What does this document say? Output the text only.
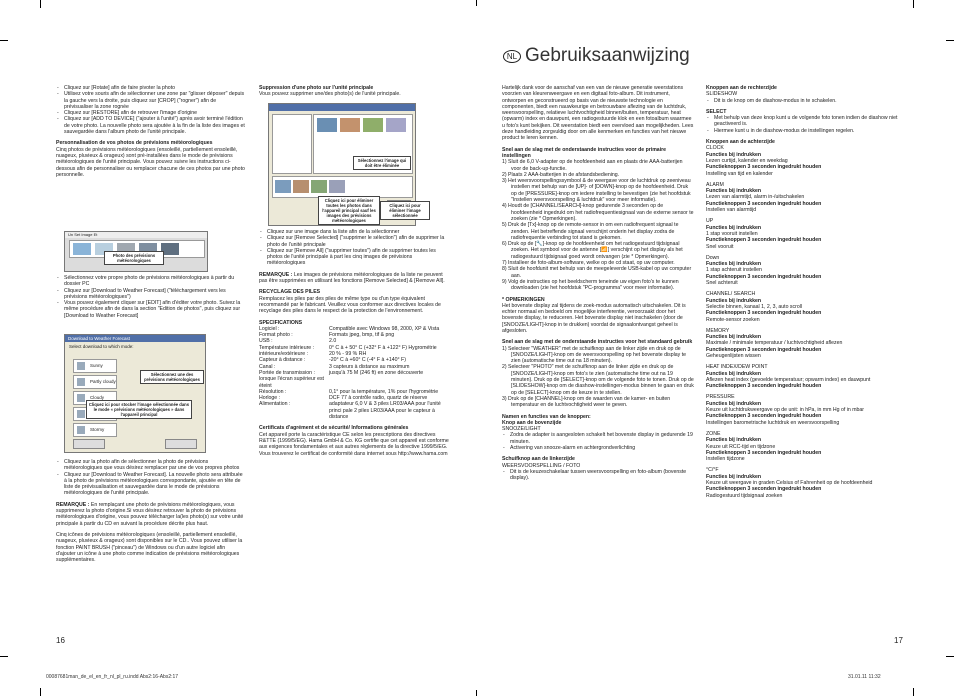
NL Gebruiksaanwijzing
- Cliquez sur [Rotate] afin de faire pivoter la photo
- Utilisez votre souris afin de sélectionner une zone par "glisser déposer" depuis la gauche vers la droite, puis cliquez sur [CROP] ("rogner") afin de prévisualiser la zone rognée
- Cliquez sur [RESTORE] afin de retrouver l'image d'origine
- Cliquez sur [ADD TO DEVICE] ("ajouter à l'unité") après avoir terminé l'édition de votre photo. La nouvelle photo sera ajoutée à la fin de la liste des images et sauvegardée dans l'album photo de l'unité principale.
Personnalisation de vos photos de prévisions météorologiques

Cinq photos de prévisions météorologiques (ensoleillé, partiellement ensoleillé, nuageux, pluvieux & orageux) sont pré-installées dans le mode de prévisions météorologiques de l'unité principale. Vous pouvez suivre les instructions ci-dessous afin de personnaliser ou remplacer chacune de ces photos par une photo personnelle.

Un Set Image Et
Photo des prévisions météorologiques
- Sélectionnez votre propre photo de prévisions météorologiques à partir du dossier PC
- Cliquez sur [Download to Weather Forecast] ("téléchargement vers les prévisions météorologiques")
- Vous pouvez également cliquer sur [EDIT] afin d'éditer votre photo. Suivez la même procédure afin de dans la section "Edition de photos", puis cliquez sur [Download to Weather Forecast]
Download to Weather Forecast
Select download to which mode:
Sunny
Partly cloudy
Cloudy
Stormy
Sélectionnez une des prévisions météorologiques
Cliquez ici pour stocker l'image sélectionnée dans le mode « prévisions météorologiques » dans l'appareil principal
- Cliquez sur la photo afin de sélectionner la photo de prévisions météorologiques que vous désirez remplacer par une de vos propres photos
- Cliquez sur [Download to Weather Forecast]. La nouvelle photo sera attribuée à la photo de prévisions météorologiques correspondante, ajoutée en tête de liste de prévisualisation et sauvegardée dans le mode de prévisions météorologiques de l'unité principale.

REMARQUE : En remplaçant une photo de prévisions météorologiques, vous supprimerez la photo d'origine.Si vous désirez retrouver la photo de prévisions météorologiques d'origine, vous pouvez télécharger la(les photo(s) sur votre unité principale à partir du CD en suivant la procédure décrite plus haut.

Cinq icônes de prévisions météorologiques (ensoleillé, partiellement ensoleillé, nuageux, pluvieux & orageux) sont disponibles sur le CD.. Vous pouvez utiliser la fonction PAINT BRUSH ("pinceau") de Windows ou d'un autre logiciel afin d'ajouter un icône à une photo comme indication de prévisions météorologiques supplémentaires.

Suppression d'une photo sur l'unité principale

Vous pouvez supprimer une/des photo(s) de l'unité principale.

Sélectionnez l'image qui doit être éliminée
Cliquez ici pour éliminer toutes les photos dans l'appareil principal sauf les images des prévisions météorologiques
Cliquez ici pour éliminer l'image sélectionnée
- Cliquez sur une image dans la liste afin de la sélectionner
- Cliquez sur [Remove Selected] ("supprimer le sélection") afin de supprimer la photo de l'unité principale
- Cliquez sur [Remove All] ("supprimer toutes") afin de supprimer toutes les photos de l'unité principale à part les cinq images de prévisions météorologiques

REMARQUE : Les images de prévisions météorologiques de la liste ne peuvent pas être supprimées en utilisant les fonctions [Remove Selected] & [Remove All].

RECYCLAGE DES PILES

Remplacez les piles par des piles de même type ou d'un type équivalent recommandé par le fabricant. Veuillez vous conformer aux directives locales de recyclage des piles dans le respect de la protection de l'environnement.

SPECIFICATIONS
Logiciel :	Compatible avec Windows 98, 2000, XP & Vista
Format photo :	Formats jpeg, bmp, tif & png
USB :	2.0
Température intérieure :	0° C à + 50° C (+32° F à +122° F) Hygrométrie
intérieure/extérieure :	20 % - 99 % RH
Capteur à distance :	-20° C à +60° C (-4° F à +140° F)
Canal :	3 capteurs à distance au maximum
Portée de transmission :	jusqu'à 75 M (246 ft) en zone découverte
lorsque l'écran supérieur est éteint	
Résolution :	0,1° pour la température, 1% pour l'hygrométrie
Horloge :	DCF 77 à contrôle radio, quartz de réserve
Alimentation :	adaptateur 6,0 V & 3 piles LR03/AAA pour l'unité princi pale 2 piles LR03/AAA pour le capteur à distance
Certificats d'agrément et de sécurité/ Informations générales

Cet appareil porte la caractéristique CE selon les prescriptions des directives R&TTE (1999/5/EG). Hama GmbH & Co. KG certifie que cet appareil est conforme aux exigences fondamentales et aux autres règlements de la directive 1999/5/EG. Vous trouverez le certificat de conformité dans internet sous http://www.hama.com

Hartelijk dank voor de aanschaf van een van de nieuwe generatie weerstations voorzien van kleurenweergave en een digitaal foto-album. Dit instrument, ontworpen en geconstrueerd op basis van de nieuwste technologie en componenten, biedt een nauwkeurige en betrouwbare aflezing van de luchtdruk, weersvoorspelling, relatieve luchtvochtigheid binnen/buiten, temperatuur, heat (opwarm) index en dauwpunt, een radiogestuurde klok en een fotoalbum waarmee u foto's kunt bekijken. Dit weerstation biedt een overvloed aan mogelijkheden. Lees deze handleiding zorgvuldig door om alle kenmerken en functies van het nieuwe product te leren kennen.

Snel aan de slag met de onderstaande instructies voor de primaire instellingen
1) Sluit de 6,0 V-adapter op de hoofdeenheid aan en plaats drie AAA-batterijen voor de back-up-functie.
2) Plaats 2 AAA-batterijen in de afstandsbediening.
3) Het weersvoorspellingssymbool & de weergave voor de luchtdruk op zeeniveau instellen met behulp van de [UP]- of [DOWN]-knop op de hoofdeenheid. Druk op de [PRESSURE]-knop om iedere instelling te bevestigen (zie het hoofdstuk "Instellen weersvoorspelling & luchtdruk" voor meer informatie).
4) Houdt de [CHANNEL/SEARCH]-knop gedurende 3 seconden op de hoofdeenheid ingedrukt om het radiofrequentiesignaal van de externe sensor te zoeken (zie * Opmerkingen).
5) Druk de [Tx]-knop op de remote-sensor in om een radiofrequent signaal te zenden. Het betreffende signaal verschijnt onderin het display zodra de radiofrequentie verbinding tot stand is gekomen.
6) Druk op de [🔧]-knop op de hoofdeenheid om het radiogestuurd tijdsignaal zoeken. Het symbool voor de antenne [📶] verschijnt op het display als het radiogestuurd tijdsignaal goed wordt ontvangen (zie * Opmerkingen).
7) Installeer de foto-album-software, welke op de cd staat, op uw computer.
8) Sluit de hoofdunit met behulp van de meegeleverde USB-kabel op uw computer aan.
9) Volg de instructies op het beeldscherm teneinde uw eigen foto's te kunnen downloaden (zie het hoofdstuk "PC-programma" voor meer informatie).
* OPMERKINGEN

Het bovenste display zal tijdens de zoek-modus automatisch uitschakelen. Dit is echter normaal en bedoeld om mogelijke interferentie, veroorzaakt door het bovenste display, te reduceren. Het bovenste display niet inschakelen (door de [SNOOZE/LIGHT]-knop in te drukken) voordat de signaalontvangst geheel is afgesloten.

Snel aan de slag met de onderstaande instructies voor het standaard gebruik
1) Selecteer "WEATHER" met de schuifknop aan de linker zijde en druk op de [SNOOZE/LIGHT]-knop om de weersvoorspelling op het bovenste display te zien (automatische time out na 18 minuten).
2) Selecteer "PHOTO" met de schuifknop aan de linker zijde en druk op de [SNOOZE/LIGHT]-knop om foto's te zien (automatische time out na 19 minuten). Druk op de [SELECT]-knop om de volgende foto te tonen. Druk op de [SLIDESHOW]-knop om de diashow-instellingen-modus binnen te gaan en druk op de [SELECT]-knop om de keuze in te stellen.
3) Druk op de [CHANNEL]-knop om de waarden van de kamer- en buiten temperatuur en de luchtvochtigheid weer te geven.
Namen en functies van de knoppen:
Knop aan de bovenzijde
SNOOZE/LIGHT
- Zodra de adapter is aangesloten schakelt het bovenste display in gedurende 19 minuten.
- Activering van snooze-alarm en achtergrondverlichting
Schuifknop aan de linkerzijde
WEERSVOORSPELLING / FOTO
- Dit is de keuzeschakelaar tussen weersvoorspelling en foto-album (bovenste display).
Knoppen aan de rechterzijde
SLIDESHOW
- Dit is de knop om de diashow-modus in te schakelen.
SELECT
- Met behulp van deze knop kunt u de volgende foto tonen indien de diashow niet geactiveerd is.
- Hiermee kunt u in de diashow-modus de instellingen regelen.
Knoppen aan de achterzijde
CLOCK
Functies bij indrukken
Lezen curtijd, kalender en weekdag
Functieknoppen 3 seconden ingedrukt houden
Instelling van tijd en kalender
ALARM
Functies bij indrukken
Lezen van alarmtijd, alarm in-/uitschakelen
Functieknoppen 3 seconden ingedrukt houden
Instellen van alarmtijd
UP
Functies bij indrukken
1 stap vooruit instellen
Functieknoppen 3 seconden ingedrukt houden
Snel vooruit
Down
Functies bij indrukken
1 stap achteruit instellen
Functieknoppen 3 seconden ingedrukt houden
Snel achteruit
CHANNEL/ SEARCH
Functies bij indrukken
Selectie binnen, kanaal 1, 2, 3, auto scroll
Functieknoppen 3 seconden ingedrukt houden
Remote-sensor zoeken
MEMORY
Functies bij indrukken
Maximale / minimale temperatuur / luchtvochtigheid aflezen
Functieknoppen 3 seconden ingedrukt houden
Geheugenlijsten wissen
HEAT INDEX/DEW POINT
Functies bij indrukken
Aflezen heat index (gevoelde temperatuur; opwarm index) en dauwpunt
Functieknoppen 3 seconden ingedrukt houden
PRESSURE
Functies bij indrukken
Keuze uit luchtdrukweergave op de unit: in hPa, in mm Hg of in mbar
Functieknoppen 3 seconden ingedrukt houden
Instellingen barometrische luchtdruk en weersvoorspelling
ZONE
Functies bij indrukken
Keuze uit RCC-tijd en tijdzone
Functieknoppen 3 seconden ingedrukt houden
Instellen tijdzone
°C/°F
Functies bij indrukken
Keuze uit weergave in graden Celsius of Fahrenheit op de hoofdeenheid
Functieknoppen 3 seconden ingedrukt houden
Radiogestuurd tijdsignaal zoeken
16	17
00087681man_de_el_en_fr_nl_pl_ru.indd Abs2:16-Abs2:17	31.01.11 11:32
